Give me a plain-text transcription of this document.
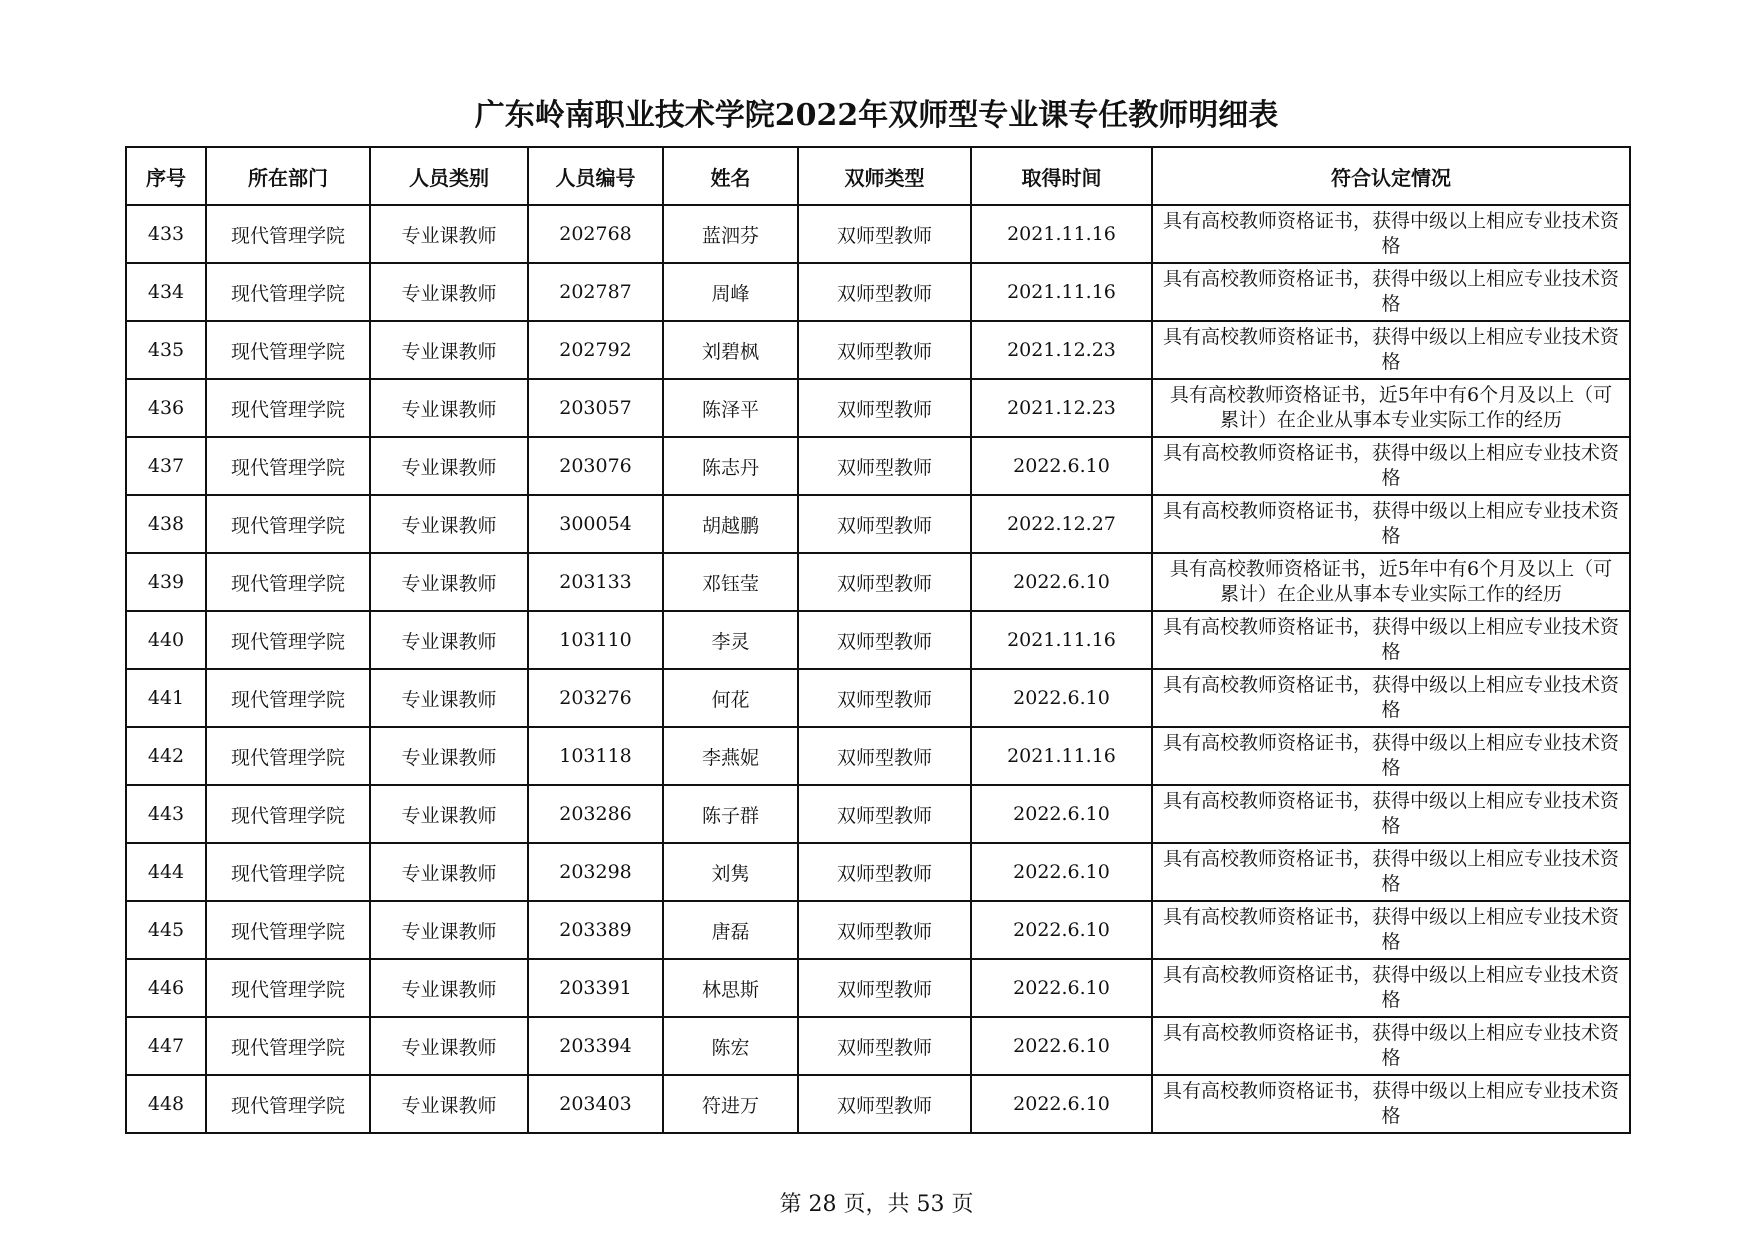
广东岭南职业技术学院2022年双师型专业课专任教师明细表
序号	所在部门	人员类别	人员编号	姓名	双师类型	取得时间	符合认定情况
433	现代管理学院	专业课教师	202768	蓝泗芬	双师型教师	2021.11.16	具有高校教师资格证书，获得中级以上相应专业技术资格
434	现代管理学院	专业课教师	202787	周峰	双师型教师	2021.11.16	具有高校教师资格证书，获得中级以上相应专业技术资格
435	现代管理学院	专业课教师	202792	刘碧枫	双师型教师	2021.12.23	具有高校教师资格证书，获得中级以上相应专业技术资格
436	现代管理学院	专业课教师	203057	陈泽平	双师型教师	2021.12.23	具有高校教师资格证书，近5年中有6个月及以上（可累计）在企业从事本专业实际工作的经历
437	现代管理学院	专业课教师	203076	陈志丹	双师型教师	2022.6.10	具有高校教师资格证书，获得中级以上相应专业技术资格
438	现代管理学院	专业课教师	300054	胡越鹏	双师型教师	2022.12.27	具有高校教师资格证书，获得中级以上相应专业技术资格
439	现代管理学院	专业课教师	203133	邓钰莹	双师型教师	2022.6.10	具有高校教师资格证书，近5年中有6个月及以上（可累计）在企业从事本专业实际工作的经历
440	现代管理学院	专业课教师	103110	李灵	双师型教师	2021.11.16	具有高校教师资格证书，获得中级以上相应专业技术资格
441	现代管理学院	专业课教师	203276	何花	双师型教师	2022.6.10	具有高校教师资格证书，获得中级以上相应专业技术资格
442	现代管理学院	专业课教师	103118	李燕妮	双师型教师	2021.11.16	具有高校教师资格证书，获得中级以上相应专业技术资格
443	现代管理学院	专业课教师	203286	陈子群	双师型教师	2022.6.10	具有高校教师资格证书，获得中级以上相应专业技术资格
444	现代管理学院	专业课教师	203298	刘隽	双师型教师	2022.6.10	具有高校教师资格证书，获得中级以上相应专业技术资格
445	现代管理学院	专业课教师	203389	唐磊	双师型教师	2022.6.10	具有高校教师资格证书，获得中级以上相应专业技术资格
446	现代管理学院	专业课教师	203391	林思斯	双师型教师	2022.6.10	具有高校教师资格证书，获得中级以上相应专业技术资格
447	现代管理学院	专业课教师	203394	陈宏	双师型教师	2022.6.10	具有高校教师资格证书，获得中级以上相应专业技术资格
448	现代管理学院	专业课教师	203403	符进万	双师型教师	2022.6.10	具有高校教师资格证书，获得中级以上相应专业技术资格
第 28 页，共 53 页
